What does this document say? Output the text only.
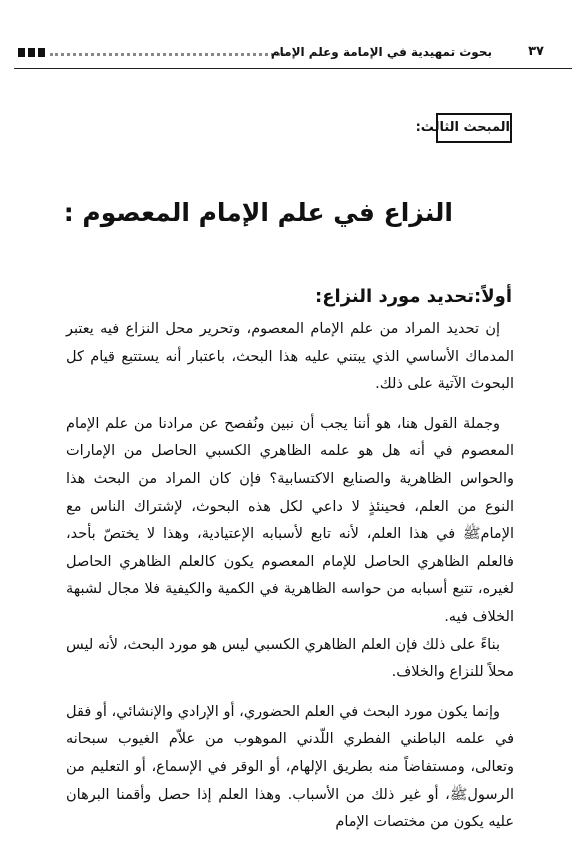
بحوث تمهيدية في الإمامة وعلم الإمام	٣٧
المبحث الثالث:
النزاع في علم الإمام المعصوم :
أولاً:تحديد مورد النزاع:

إن تحديد المراد من علم الإمام المعصوم، وتحرير محل النزاع فيه يعتبر المدماك الأساسي الذي يبتني عليه هذا البحث، باعتبار أنه يستتبع قيام كل البحوث الآتية على ذلك.

وجملة القول هنا، هو أننا يجب أن نبين ونُفصح عن مرادنا من علم الإمام المعصوم في أنه هل هو علمه الظاهري الكسبي الحاصل من الإمارات والحواس الظاهرية والصنايع الاكتسابية؟ فإن كان المراد من البحث هذا النوع من العلم، فحينئذٍ لا داعي لكل هذه البحوث، لإشتراك الناس مع الإمامﷺ في هذا العلم، لأنه تابع لأسبابه الإعتيادية، وهذا لا يختصّ بأحد، فالعلم الظاهري الحاصل للإمام المعصوم يكون كالعلم الظاهري الحاصل لغيره، تتبع أسبابه من حواسه الظاهرية في الكمية والكيفية فلا مجال لشبهة الخلاف فيه.

بناءً على ذلك فإن العلم الظاهري الكسبي ليس هو مورد البحث، لأنه ليس محلاً للنزاع والخلاف.

وإنما يكون مورد البحث في العلم الحضوري، أو الإرادي والإنشائي، أو فقل في علمه الباطني الفطري اللّدني الموهوب من علاّم الغيوب سبحانه وتعالى، ومستفاضاً منه بطريق الإلهام، أو الوقر في الإسماع، أو التعليم من الرسولﷺ، أو غير ذلك من الأسباب. وهذا العلم إذا حصل وأقمنا البرهان عليه يكون من مختصات الإمام
